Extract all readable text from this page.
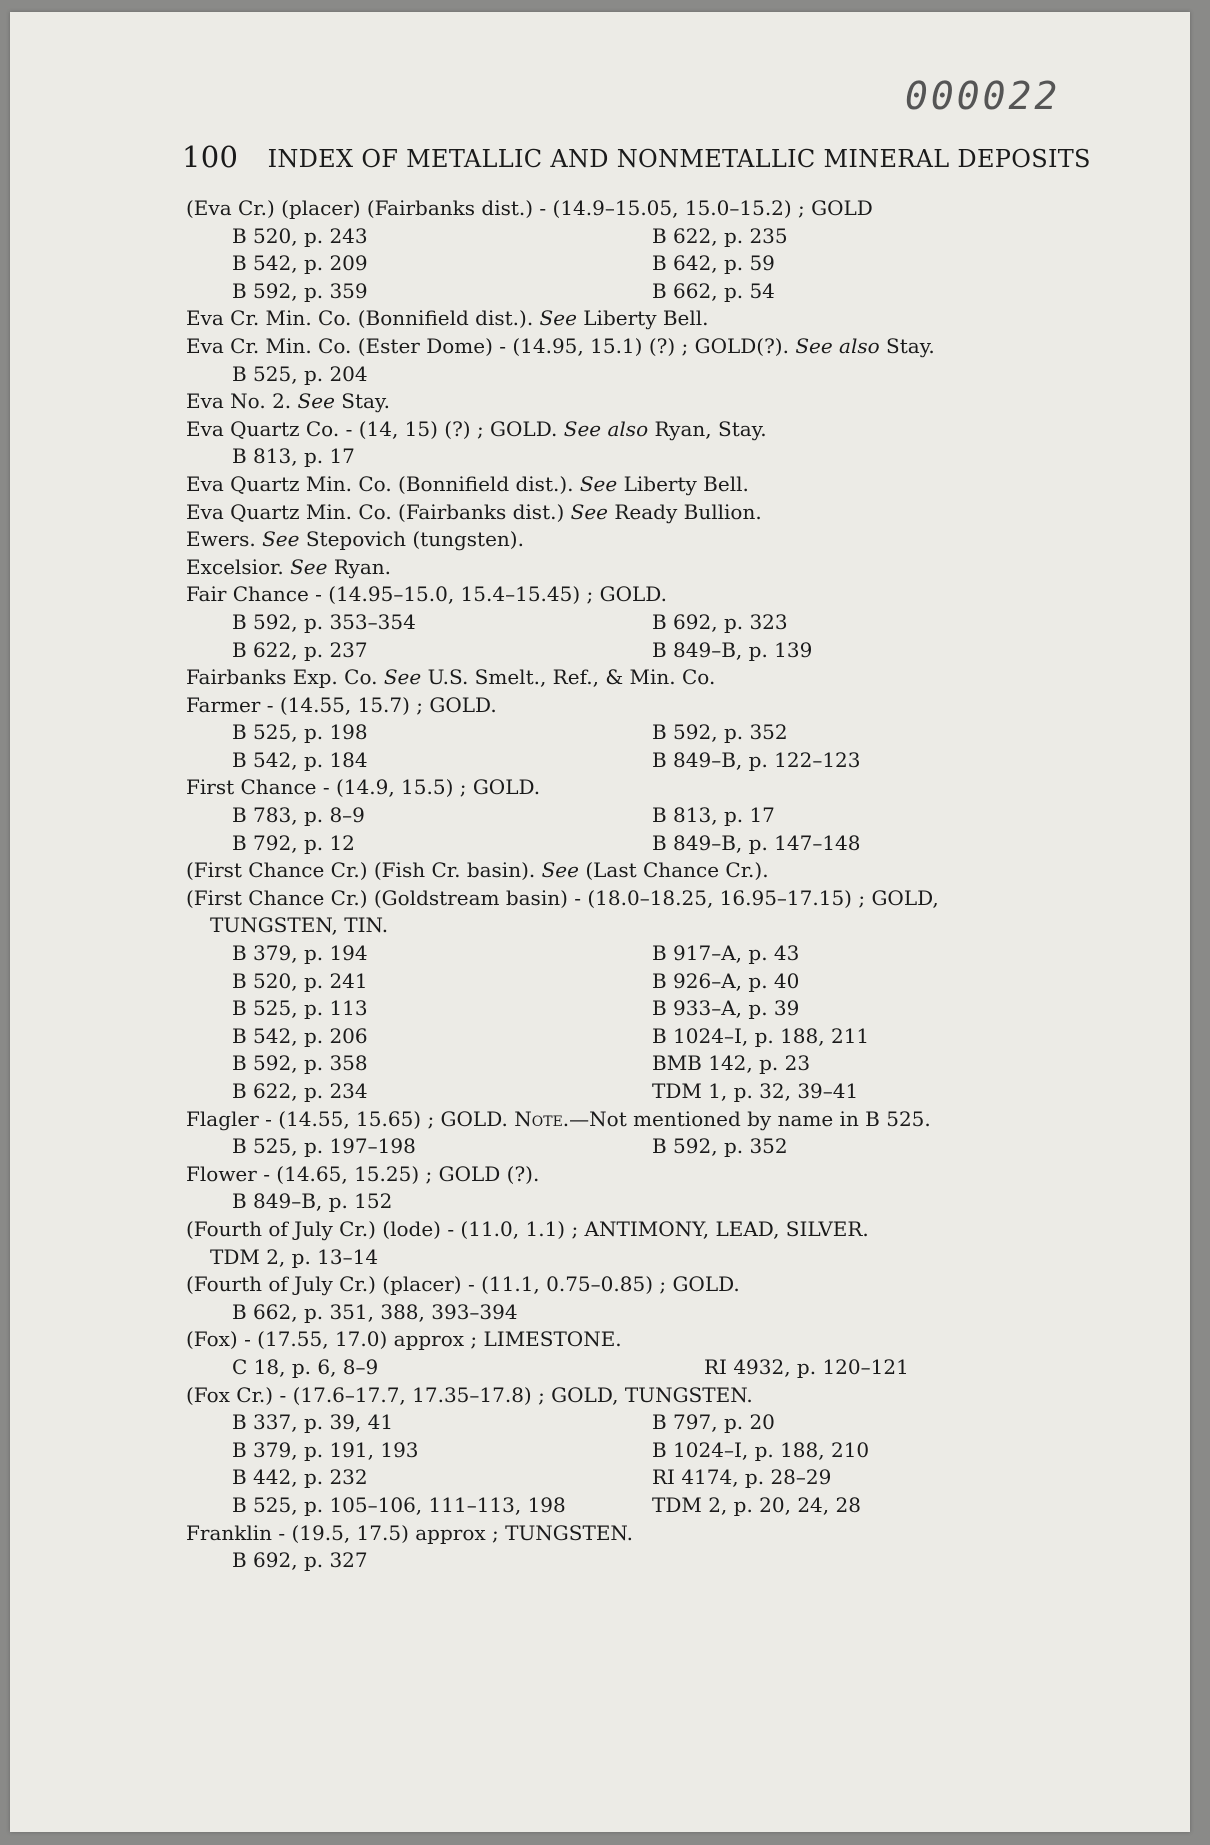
000022
100 INDEX OF METALLIC AND NONMETALLIC MINERAL DEPOSITS
(Eva Cr.) (placer) (Fairbanks dist.) - (14.9–15.05, 15.0–15.2) ; GOLD
B 520, p. 243	B 622, p. 235
B 542, p. 209	B 642, p. 59
B 592, p. 359	B 662, p. 54
Eva Cr. Min. Co. (Bonnifield dist.). See Liberty Bell.
Eva Cr. Min. Co. (Ester Dome) - (14.95, 15.1) (?) ; GOLD(?). See also Stay.
B 525, p. 204
Eva No. 2. See Stay.
Eva Quartz Co. - (14, 15) (?) ; GOLD. See also Ryan, Stay.
B 813, p. 17
Eva Quartz Min. Co. (Bonnifield dist.). See Liberty Bell.
Eva Quartz Min. Co. (Fairbanks dist.) See Ready Bullion.
Ewers. See Stepovich (tungsten).
Excelsior. See Ryan.
Fair Chance - (14.95–15.0, 15.4–15.45) ; GOLD.
B 592, p. 353–354	B 692, p. 323
B 622, p. 237	B 849–B, p. 139
Fairbanks Exp. Co. See U.S. Smelt., Ref., & Min. Co.
Farmer - (14.55, 15.7) ; GOLD.
B 525, p. 198	B 592, p. 352
B 542, p. 184	B 849–B, p. 122–123
First Chance - (14.9, 15.5) ; GOLD.
B 783, p. 8–9	B 813, p. 17
B 792, p. 12	B 849–B, p. 147–148
(First Chance Cr.) (Fish Cr. basin). See (Last Chance Cr.).
(First Chance Cr.) (Goldstream basin) - (18.0–18.25, 16.95–17.15) ; GOLD,
TUNGSTEN, TIN.
B 379, p. 194	B 917–A, p. 43
B 520, p. 241	B 926–A, p. 40
B 525, p. 113	B 933–A, p. 39
B 542, p. 206	B 1024–I, p. 188, 211
B 592, p. 358	BMB 142, p. 23
B 622, p. 234	TDM 1, p. 32, 39–41
Flagler - (14.55, 15.65) ; GOLD. Note.—Not mentioned by name in B 525.
B 525, p. 197–198	B 592, p. 352
Flower - (14.65, 15.25) ; GOLD (?).
B 849–B, p. 152
(Fourth of July Cr.) (lode) - (11.0, 1.1) ; ANTIMONY, LEAD, SILVER.
TDM 2, p. 13–14
(Fourth of July Cr.) (placer) - (11.1, 0.75–0.85) ; GOLD.
B 662, p. 351, 388, 393–394
(Fox) - (17.55, 17.0) approx ; LIMESTONE.
C 18, p. 6, 8–9	RI 4932, p. 120–121
(Fox Cr.) - (17.6–17.7, 17.35–17.8) ; GOLD, TUNGSTEN.
B 337, p. 39, 41	B 797, p. 20
B 379, p. 191, 193	B 1024–I, p. 188, 210
B 442, p. 232	RI 4174, p. 28–29
B 525, p. 105–106, 111–113, 198	TDM 2, p. 20, 24, 28
Franklin - (19.5, 17.5) approx ; TUNGSTEN.
B 692, p. 327
